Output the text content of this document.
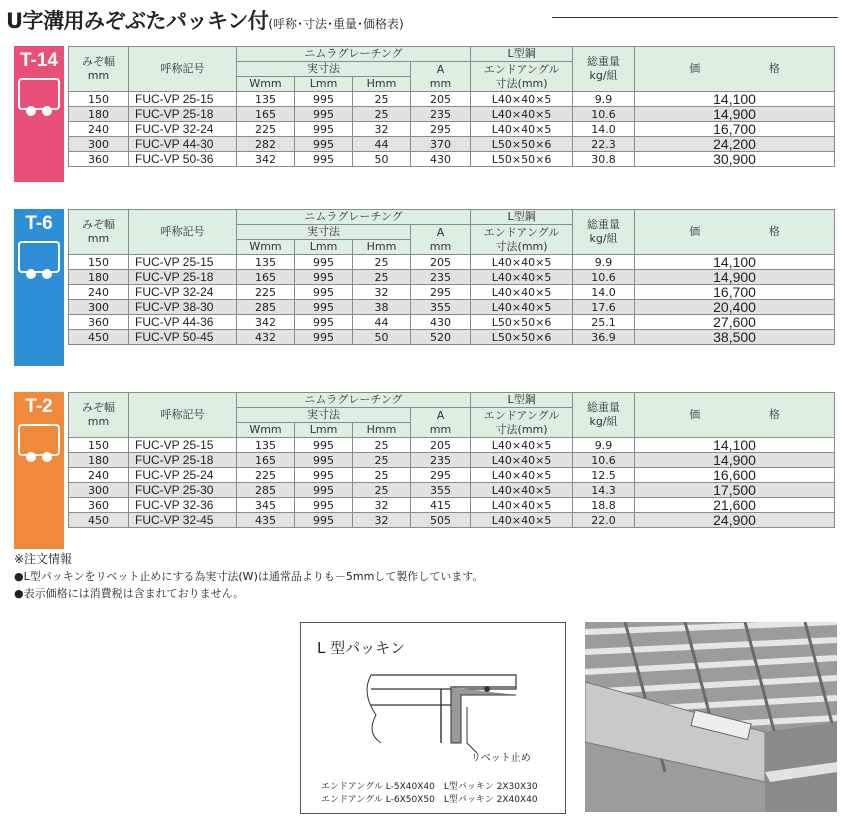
U字溝用みぞぶたパッキン付(呼称･寸法･重量･価格表)
T-14	みぞ幅
mm	呼称記号	ニムラグレーチング				L型鋼	総重量
kg/組	価 格
		実寸法			A
mm	エンドアングル
寸法(mm)		
		Wmm	Lmm	Hmm				
150	FUC-VP 25-15	135	995	25	205	L40×40×5	9.9	14,100
180	FUC-VP 25-18	165	995	25	235	L40×40×5	10.6	14,900
240	FUC-VP 32-24	225	995	32	295	L40×40×5	14.0	16,700
300	FUC-VP 44-30	282	995	44	370	L50×50×6	22.3	24,200
360	FUC-VP 50-36	342	995	50	430	L50×50×6	30.8	30,900
T-6	みぞ幅
mm	呼称記号	ニムラグレーチング				L型鋼	総重量
kg/組	価 格
		実寸法			A
mm	エンドアングル
寸法(mm)		
		Wmm	Lmm	Hmm				
150	FUC-VP 25-15	135	995	25	205	L40×40×5	9.9	14,100
180	FUC-VP 25-18	165	995	25	235	L40×40×5	10.6	14,900
240	FUC-VP 32-24	225	995	32	295	L40×40×5	14.0	16,700
300	FUC-VP 38-30	285	995	38	355	L40×40×5	17.6	20,400
360	FUC-VP 44-36	342	995	44	430	L50×50×6	25.1	27,600
450	FUC-VP 50-45	432	995	50	520	L50×50×6	36.9	38,500
T-2	みぞ幅
mm	呼称記号	ニムラグレーチング				L型鋼	総重量
kg/組	価 格
		実寸法			A
mm	エンドアングル
寸法(mm)		
		Wmm	Lmm	Hmm				
150	FUC-VP 25-15	135	995	25	205	L40×40×5	9.9	14,100
180	FUC-VP 25-18	165	995	25	235	L40×40×5	10.6	14,900
240	FUC-VP 25-24	225	995	25	295	L40×40×5	12.5	16,600
300	FUC-VP 25-30	285	995	25	355	L40×40×5	14.3	17,500
360	FUC-VP 32-36	345	995	32	415	L40×40×5	18.8	21,600
450	FUC-VP 32-45	435	995	32	505	L40×40×5	22.0	24,900
※注文情報
●L型パッキンをリベット止めにする為実寸法(W)は通常品よりも－5mmして製作しています。
●表示価格には消費税は含まれておりません。
L 型パッキン
リベット止め
エンドアングル L-5X40X40　L型パッキン 2X30X30
エンドアングル L-6X50X50　L型パッキン 2X40X40
